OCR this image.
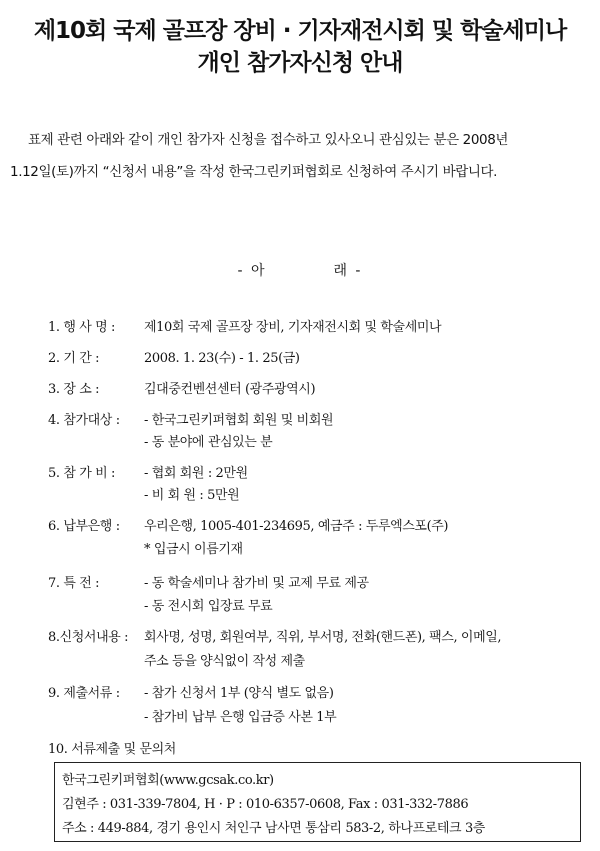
제10회 국제 골프장 장비 · 기자재전시회 및 학술세미나
개인 참가자신청 안내
표제 관련 아래와 같이 개인 참가자 신청을 접수하고 있사오니 관심있는 분은 2008년
1.12일(토)까지 “신청서 내용”을 작성 한국그린키퍼협회로 신청하여 주시기 바랍니다.
- 아	래 -
1. 행 사 명 : 제10회 국제 골프장 장비, 기자재전시회 및 학술세미나
2. 기 간 :	2008. 1. 23(수) - 1. 25(금)
3. 장 소 :	김대중컨벤션센터 (광주광역시)
4. 참가대상 : - 한국그린키퍼협회 회원 및 비회원
- 동 분야에 관심있는 분
5. 참 가 비 : - 협회 회원 : 2만원
- 비 회 원 : 5만원
6. 납부은행 : 우리은행, 1005-401-234695, 예금주 : 두루엑스포(주)
* 입금시 이름기재
7. 특 전 :	- 동 학술세미나 참가비 및 교제 무료 제공
- 동 전시회 입장료 무료
8.신청서내용 : 회사명, 성명, 회원여부, 직위, 부서명, 전화(핸드폰), 팩스, 이메일,
주소 등을 양식없이 작성 제출
9. 제출서류 : - 참가 신청서 1부 (양식 별도 없음)
- 참가비 납부 은행 입금증 사본 1부
10. 서류제출 및 문의처
한국그린키퍼협회(www.gcsak.co.kr)
김현주 : 031-339-7804, H · P : 010-6357-0608, Fax : 031-332-7886
주소 : 449-884, 경기 용인시 처인구 남사면 통삼리 583-2, 하나프로테크 3층
